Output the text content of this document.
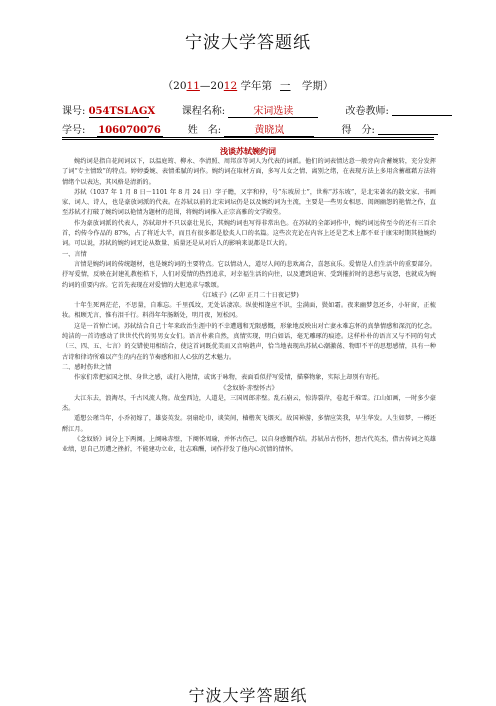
宁波大学答题纸
（2011—2012 学年第 一 学期）
课号: 054TSLAGX	课程名称:	宋词选读	改卷教师:
学号: 106070076	姓　名:	黄晓岚	得　分:
浅谈苏轼婉约词

婉约词是指自花间词以下，以温庭筠、柳永、李清照、周邦彦等词人为代表的词派。他们的词表情达意一般旁向含蓄婉转，充分发挥了词“专主情致”的特点。婷婷委婉、表情柔腻的词作。婉约词在取材方面，多写儿女之情、离别之绪，在表现方法上多用含蓄蕴藉方法将情绪个以表达，其风格是清新的。

苏轼（1037 年 1 月 8 日－1101 年 8 月 24 日）字子瞻，又字和仲，号“东坡居士”，世称“苏东坡”，是北宋著名的散文家、书画家、词人、诗人，也是豪放词派的代表。在苏轼以前的北宋词坛仍是以及婉约词为主流，主要是一些男女相思、闺阁幽怨的艳情之作，直至苏轼才打破了婉约词以艳情为题材的范围，将婉约词推入正宗高雅的文学殿堂。

作为豪放词派的代表人，苏轼却并不只以豪壮见长，其婉约词也写得非常出色。在苏轼的全部词作中，婉约词远传至今的还有三百余首，约传今作品的 87%，占了将近大半，而且有很多都是脍炙人口的名篇。这些次充论在内容上还是艺术上都不亚于康宋时期其他婉约词。可以说，苏轼的婉约词无论从数量、质量还是从对后人的影响来说都是巨大的。

一、言情

言情是婉约词的传统题材，也是婉约词的主要特点。它以情动人，道尽人间的悲欢离合，喜怒哀乐。爱情是人们生活中的重要部分。抒写爱情，反映在封建礼教桎梏下，人们对爱情的热烈追求，对幸福生活的向往，以及遭到迫害、受到摧折时的悲愁与哀怨，也就成为婉约词的重要内容。它首先表现在对爱情的大胆追求与歌颂。

《江城子》(乙卯 正月二十日夜记梦)

十年生死两茫茫，不思量，自难忘。千里孤坟，无处话凄凉。纵使相逢应不识，尘满面，鬓如霜。夜来幽梦忽还乡，小轩窗，正梳妆。相顾无言，惟有泪千行。料得年年肠断处，明月夜，短松冈。

这是一首悼亡词。苏轼结合自己十年来政治生涯中的不幸遭遇和无限感慨，形象地反映出对亡妻永难忘怀的真挚情感和深沉的忆念。纯洁的一首诗感动了世世代代的男男女女们。语言朴素自然，真情实现，明白如话，毫无雕琢的痕迹。这样朴朴的语言又与不同的句式（三、四、五、七言）的交错使用相结合，使这首词既优美而又音响谐声，恰当地表现出苏轼心潮激荡、物即不平的思想感情，具有一种古诗和律诗所难以产生的内在的节奏感和扣人心弦的艺术魅力。

二、感时伤世之情

作家们常把家国之恨、身世之感，或打入艳情，或寓于咏物，表面看似抒写爱情，描摹物象，实际上却别有寄托。

《念奴娇·赤壁怀古》

大江东去，浪淘尽，千古风流人物。故垒西边，人道是，三国周郎赤壁。乱石崩云，惊涛裂岸，卷起千堆雪。江山如画，一时多少豪杰。

遥想公瑾当年，小乔初嫁了，雄姿英发。羽扇纶巾，谈笑间，樯橹灰飞烟灭。故国神游，多情应笑我，早生华发。人生如梦，一樽还酹江月。

《念奴娇》词分上下两阕。上阕咏赤壁，下阕怀周瑜，并怀古伤己，以自身感慨作结。苏轼吊古伤怀，想古代英杰，借古传词之英雄业绩，思自己历遭之挫折，不能建功立业，壮志难酬，词作抒发了他内心沉情的情怀。

宁波大学答题纸
